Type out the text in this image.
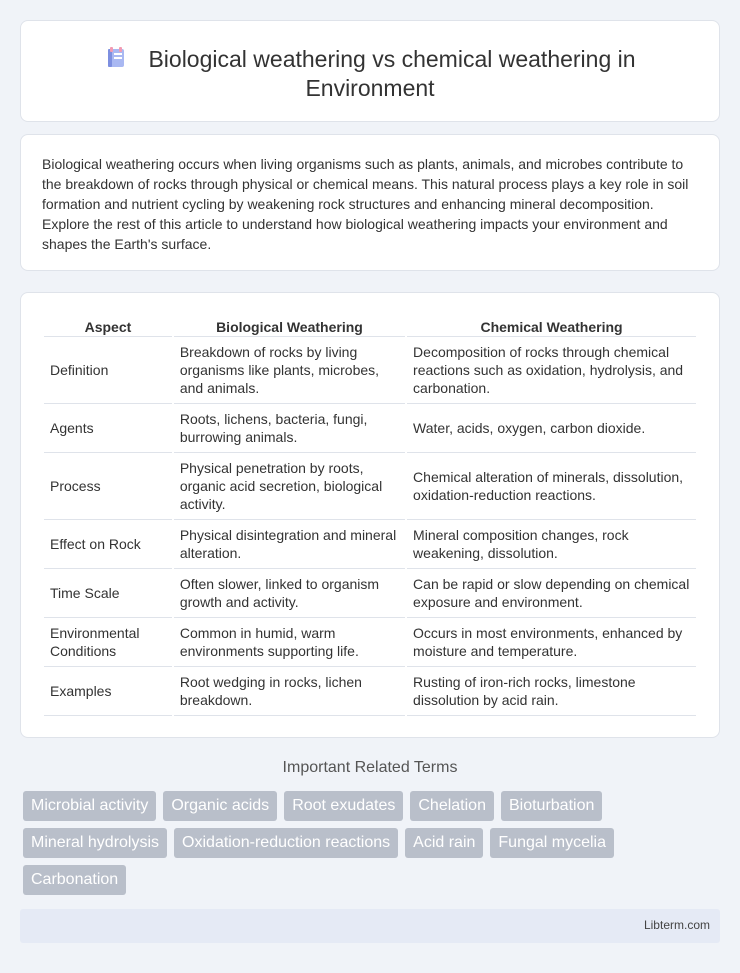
Biological weathering vs chemical weathering in
Environment

Biological weathering occurs when living organisms such as plants, animals, and microbes contribute to the breakdown of rocks through physical or chemical means. This natural process plays a key role in soil formation and nutrient cycling by weakening rock structures and enhancing mineral decomposition. Explore the rest of this article to understand how biological weathering impacts your environment and shapes the Earth's surface.

Aspect	Biological Weathering	Chemical Weathering
Definition	Breakdown of rocks by living organisms like plants, microbes, and animals.	Decomposition of rocks through chemical reactions such as oxidation, hydrolysis, and carbonation.
Agents	Roots, lichens, bacteria, fungi, burrowing animals.	Water, acids, oxygen, carbon dioxide.
Process	Physical penetration by roots, organic acid secretion, biological activity.	Chemical alteration of minerals, dissolution, oxidation-reduction reactions.
Effect on Rock	Physical disintegration and mineral alteration.	Mineral composition changes, rock weakening, dissolution.
Time Scale	Often slower, linked to organism growth and activity.	Can be rapid or slow depending on chemical exposure and environment.
Environmental Conditions	Common in humid, warm environments supporting life.	Occurs in most environments, enhanced by moisture and temperature.
Examples	Root wedging in rocks, lichen breakdown.	Rusting of iron-rich rocks, limestone dissolution by acid rain.
Important Related Terms
Microbial activity	Organic acids	Root exudates	Chelation	Bioturbation
Mineral hydrolysis	Oxidation-reduction reactions	Acid rain	Fungal mycelia
Carbonation
Libterm.com
